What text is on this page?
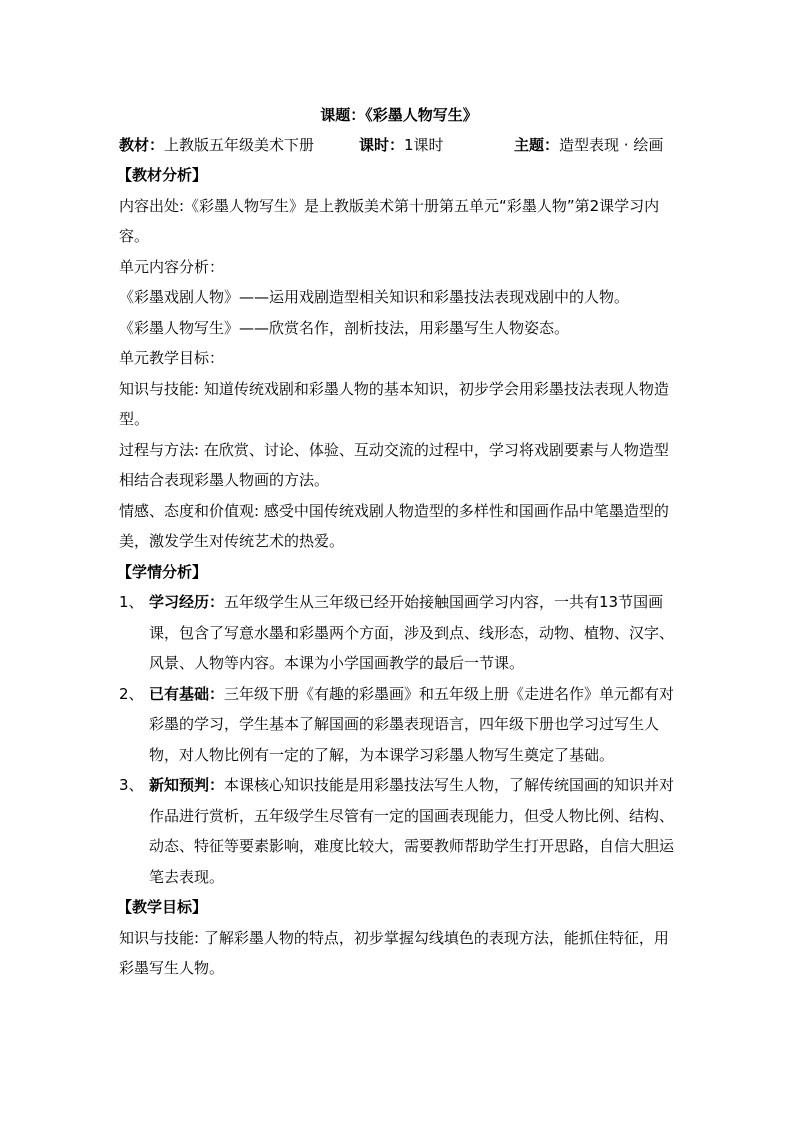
课题：《彩墨人物写生》
教材：上教版五年级美术下册	课时：1课时	主题：造型表现 · 绘画
【教材分析】

内容出处:《彩墨人物写生》是上教版美术第十册第五单元“彩墨人物”第2课学习内容。

单元内容分析：

《彩墨戏剧人物》——运用戏剧造型相关知识和彩墨技法表现戏剧中的人物。

《彩墨人物写生》——欣赏名作，剖析技法，用彩墨写生人物姿态。

单元教学目标：

知识与技能: 知道传统戏剧和彩墨人物的基本知识，初步学会用彩墨技法表现人物造型。

过程与方法: 在欣赏、讨论、体验、互动交流的过程中，学习将戏剧要素与人物造型相结合表现彩墨人物画的方法。

情感、态度和价值观: 感受中国传统戏剧人物造型的多样性和国画作品中笔墨造型的美，激发学生对传统艺术的热爱。

【学情分析】
1、 学习经历：五年级学生从三年级已经开始接触国画学习内容，一共有13节国画课，包含了写意水墨和彩墨两个方面，涉及到点、线形态，动物、植物、汉字、风景、人物等内容。本课为小学国画教学的最后一节课。
2、 已有基础：三年级下册《有趣的彩墨画》和五年级上册《走进名作》单元都有对彩墨的学习，学生基本了解国画的彩墨表现语言，四年级下册也学习过写生人物，对人物比例有一定的了解，为本课学习彩墨人物写生奠定了基础。
3、 新知预判：本课核心知识技能是用彩墨技法写生人物，了解传统国画的知识并对作品进行赏析，五年级学生尽管有一定的国画表现能力，但受人物比例、结构、动态、特征等要素影响，难度比较大，需要教师帮助学生打开思路，自信大胆运笔去表现。
【教学目标】

知识与技能: 了解彩墨人物的特点，初步掌握勾线填色的表现方法，能抓住特征，用彩墨写生人物。
